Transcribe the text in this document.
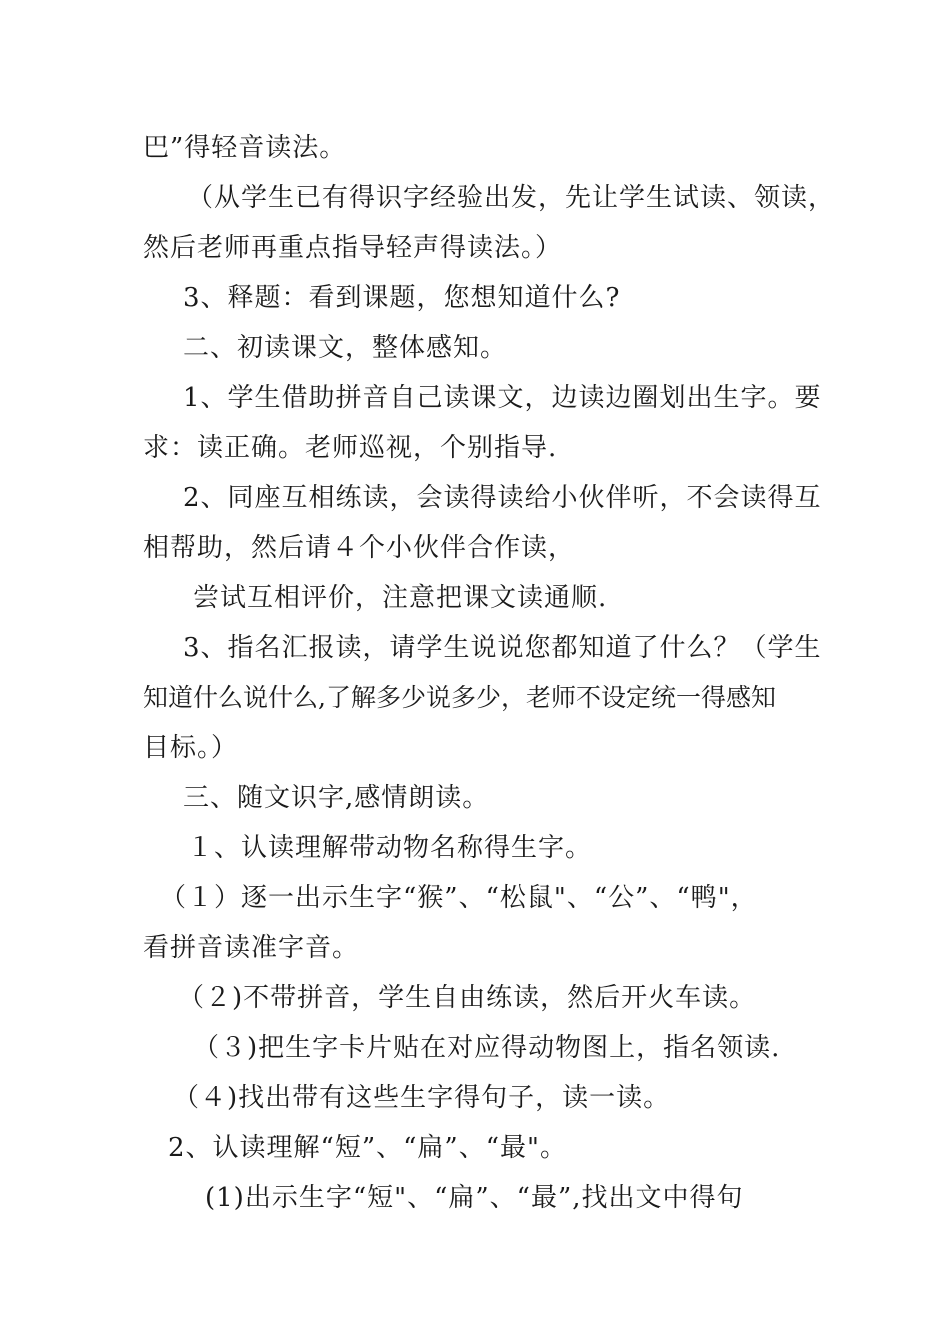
巴”得轻音读法。
（从学生已有得识字经验出发，先让学生试读、领读，
然后老师再重点指导轻声得读法。）
3、释题：看到课题，您想知道什么?
二、初读课文，整体感知。
1、学生借助拼音自己读课文，边读边圈划出生字。要
求：读正确。老师巡视，个别指导.
2、同座互相练读，会读得读给小伙伴听，不会读得互
相帮助，然后请４个小伙伴合作读，
尝试互相评价，注意把课文读通顺.
3、指名汇报读，请学生说说您都知道了什么？（学生
知道什么说什么,了解多少说多少，老师不设定统一得感知
目标。）
三、随文识字,感情朗读。
１、认读理解带动物名称得生字。
（１）逐一出示生字“猴”、“松鼠"、“公”、“鸭"，
看拼音读准字音。
（２)不带拼音，学生自由练读，然后开火车读。
（３)把生字卡片贴在对应得动物图上，指名领读.
（４)找出带有这些生字得句子，读一读。
2、认读理解“短”、“扁”、“最"。
(1)出示生字“短"、“扁”、“最”,找出文中得句
